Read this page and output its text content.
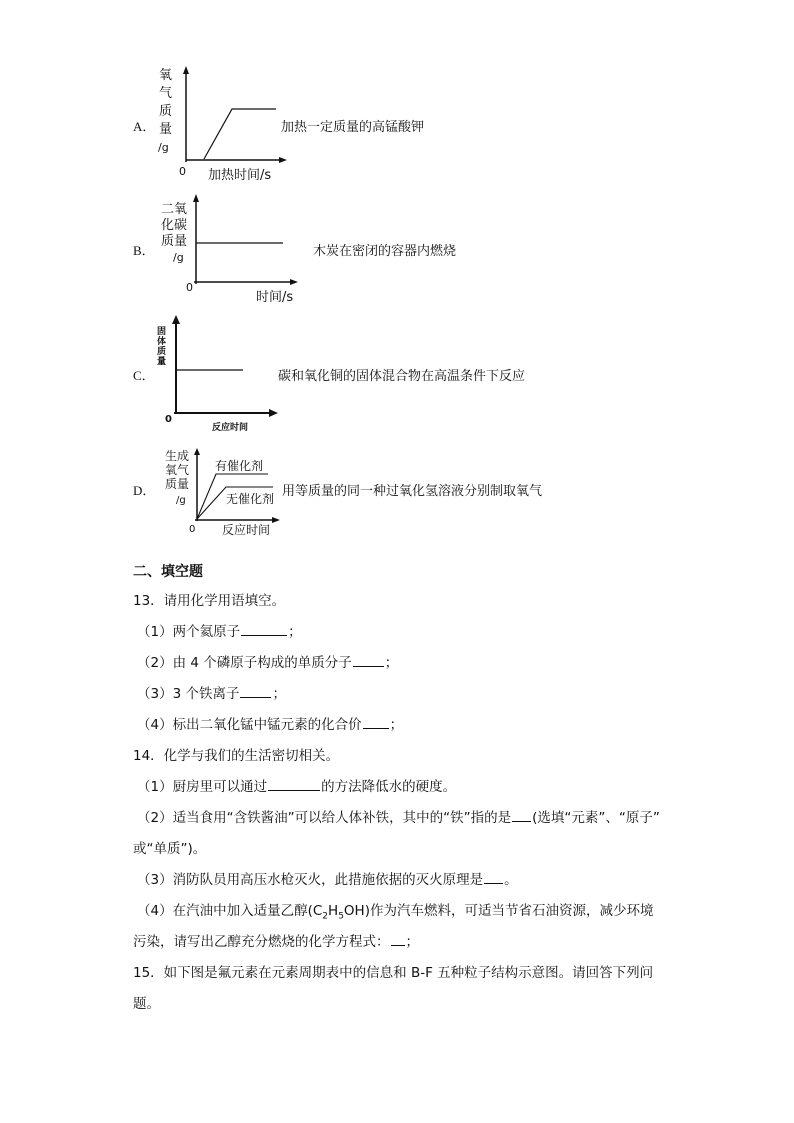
A．
氧
气
质
量
/g
0 加热时间/s
加热一定质量的高锰酸钾
B．
二氧
化碳
质量
/g
0
时间/s
木炭在密闭的容器内燃烧
C．
固
体
质
量
0
反应时间
碳和氧化铜的固体混合物在高温条件下反应
D．
生成
氧气
质量
/g
0 反应时间
有催化剂
无催化剂 用等质量的同一种过氧化氢溶液分别制取氧气
二、填空题
13．请用化学用语填空。
（1）两个氦原子	；
（2）由 4 个磷原子构成的单质分子 ；
（3）3 个铁离子 ；
（4）标出二氧化锰中锰元素的化合价 ；
14．化学与我们的生活密切相关。
（1）厨房里可以通过	的方法降低水的硬度。
（2）适当食用“含铁酱油”可以给人体补铁，其中的“铁”指的是 (选填“元素”、“原子”
或“单质”)。
（3）消防队员用高压水枪灭火，此措施依据的灭火原理是 。
（4）在汽油中加入适量乙醇$(C_2H_5OH)$作为汽车燃料，可适当节省石油资源，减少环境
污染，请写出乙醇充分燃烧的化学方程式： ；
15．如下图是氟元素在元素周期表中的信息和 B-F 五种粒子结构示意图。请回答下列问
题。
